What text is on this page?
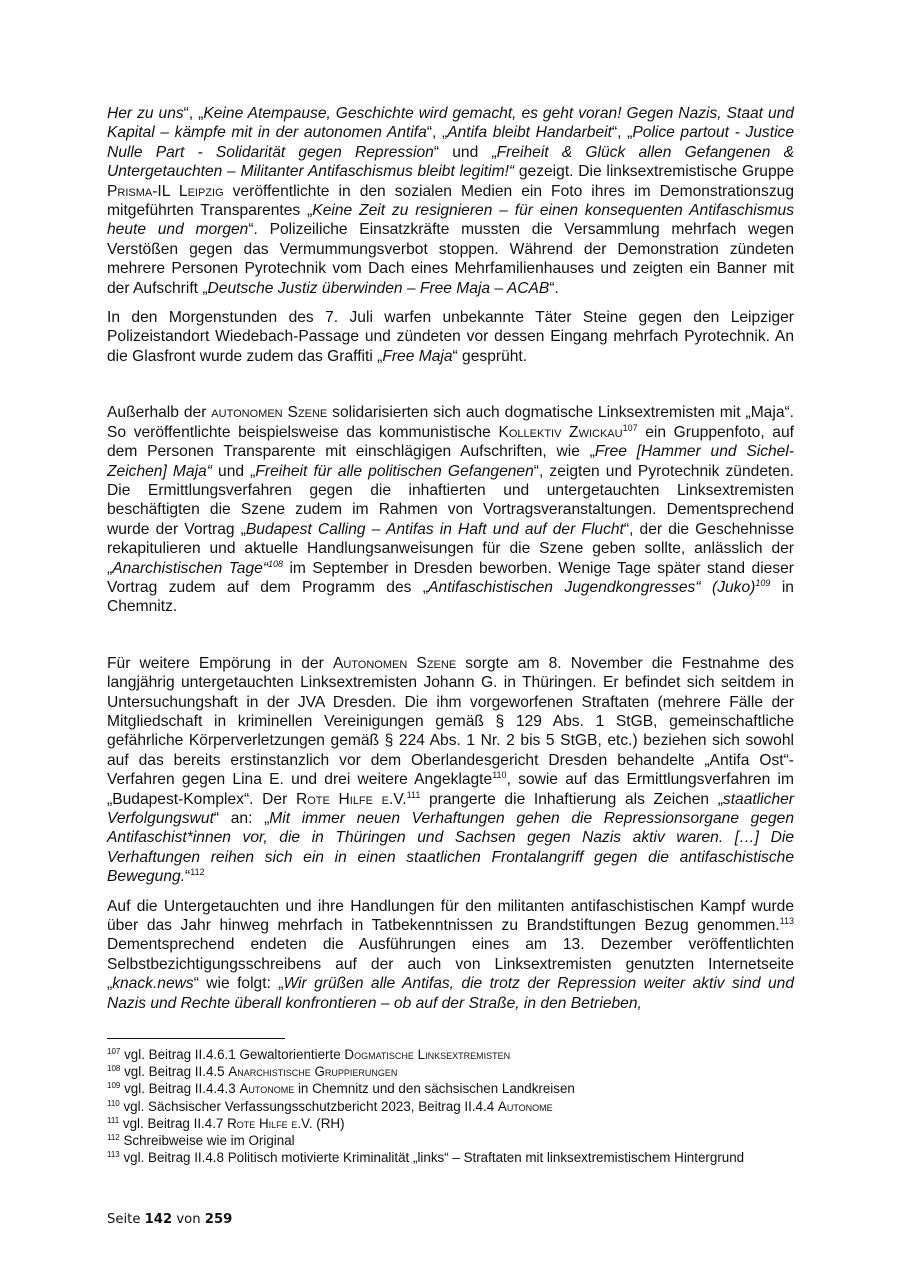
Her zu uns“, „Keine Atempause, Geschichte wird gemacht, es geht voran! Gegen Nazis, Staat und Kapital – kämpfe mit in der autonomen Antifa“, „Antifa bleibt Handarbeit“, „Police partout - Justice Nulle Part - Solidarität gegen Repression“ und „Freiheit & Glück allen Gefangenen & Untergetauchten – Militanter Antifaschismus bleibt legitim!“ gezeigt. Die linksextremistische Gruppe Prisma-IL Leipzig veröffentlichte in den sozialen Medien ein Foto ihres im Demonstrationszug mitgeführten Transparentes „Keine Zeit zu resignieren – für einen konsequenten Antifaschismus heute und morgen“. Polizeiliche Einsatzkräfte mussten die Versammlung mehrfach wegen Verstößen gegen das Vermummungsverbot stoppen. Während der Demonstration zündeten mehrere Personen Pyrotechnik vom Dach eines Mehrfamilienhauses und zeigten ein Banner mit der Aufschrift „Deutsche Justiz überwinden – Free Maja – ACAB“.

In den Morgenstunden des 7. Juli warfen unbekannte Täter Steine gegen den Leipziger Polizeistandort Wiedebach-Passage und zündeten vor dessen Eingang mehrfach Pyrotechnik. An die Glasfront wurde zudem das Graffiti „Free Maja“ gesprüht.

Außerhalb der autonomen Szene solidarisierten sich auch dogmatische Linksextremisten mit „Maja“. So veröffentlichte beispielsweise das kommunistische Kollektiv Zwickau$^{107}$ ein Gruppenfoto, auf dem Personen Transparente mit einschlägigen Aufschriften, wie „Free [Hammer und Sichel-Zeichen] Maja“ und „Freiheit für alle politischen Gefangenen“, zeigten und Pyrotechnik zündeten. Die Ermittlungsverfahren gegen die inhaftierten und untergetauchten Linksextremisten beschäftigten die Szene zudem im Rahmen von Vortragsveranstaltungen. Dementsprechend wurde der Vortrag „Budapest Calling – Antifas in Haft und auf der Flucht“, der die Geschehnisse rekapitulieren und aktuelle Handlungsanweisungen für die Szene geben sollte, anlässlich der „Anarchistischen Tage“$^{108}$ im September in Dresden beworben. Wenige Tage später stand dieser Vortrag zudem auf dem Programm des „Antifaschistischen Jugendkongresses“ (Juko)$^{109}$ in Chemnitz.

Für weitere Empörung in der Autonomen Szene sorgte am 8. November die Festnahme des langjährig untergetauchten Linksextremisten Johann G. in Thüringen. Er befindet sich seitdem in Untersuchungshaft in der JVA Dresden. Die ihm vorgeworfenen Straftaten (mehrere Fälle der Mitgliedschaft in kriminellen Vereinigungen gemäß § 129 Abs. 1 StGB, gemeinschaftliche gefährliche Körperverletzungen gemäß § 224 Abs. 1 Nr. 2 bis 5 StGB, etc.) beziehen sich sowohl auf das bereits erstinstanzlich vor dem Oberlandesgericht Dresden behandelte „Antifa Ost“-Verfahren gegen Lina E. und drei weitere Angeklagte$^{110}$, sowie auf das Ermittlungsverfahren im „Budapest-Komplex“. Der Rote Hilfe e.V.$^{111}$ prangerte die Inhaftierung als Zeichen „staatlicher Verfolgungswut“ an: „Mit immer neuen Verhaftungen gehen die Repressionsorgane gegen Antifaschist*innen vor, die in Thüringen und Sachsen gegen Nazis aktiv waren. […] Die Verhaftungen reihen sich ein in einen staatlichen Frontalangriff gegen die antifaschistische Bewegung.“$^{112}$

Auf die Untergetauchten und ihre Handlungen für den militanten antifaschistischen Kampf wurde über das Jahr hinweg mehrfach in Tatbekenntnissen zu Brandstiftungen Bezug genommen.$^{113}$ Dementsprechend endeten die Ausführungen eines am 13. Dezember veröffentlichten Selbstbezichtigungsschreibens auf der auch von Linksextremisten genutzten Internetseite „knack.news“ wie folgt: „Wir grüßen alle Antifas, die trotz der Repression weiter aktiv sind und Nazis und Rechte überall konfrontieren – ob auf der Straße, in den Betrieben,

$^{107}$ vgl. Beitrag II.4.6.1 Gewaltorientierte Dogmatische Linksextremisten

$^{108}$ vgl. Beitrag II.4.5 Anarchistische Gruppierungen

$^{109}$ vgl. Beitrag II.4.4.3 Autonome in Chemnitz und den sächsischen Landkreisen

$^{110}$ vgl. Sächsischer Verfassungsschutzbericht 2023, Beitrag II.4.4 Autonome

$^{111}$ vgl. Beitrag II.4.7 Rote Hilfe e.V. (RH)

$^{112}$ Schreibweise wie im Original

$^{113}$ vgl. Beitrag II.4.8 Politisch motivierte Kriminalität „links“ – Straftaten mit linksextremistischem Hintergrund

Seite 142 von 259
